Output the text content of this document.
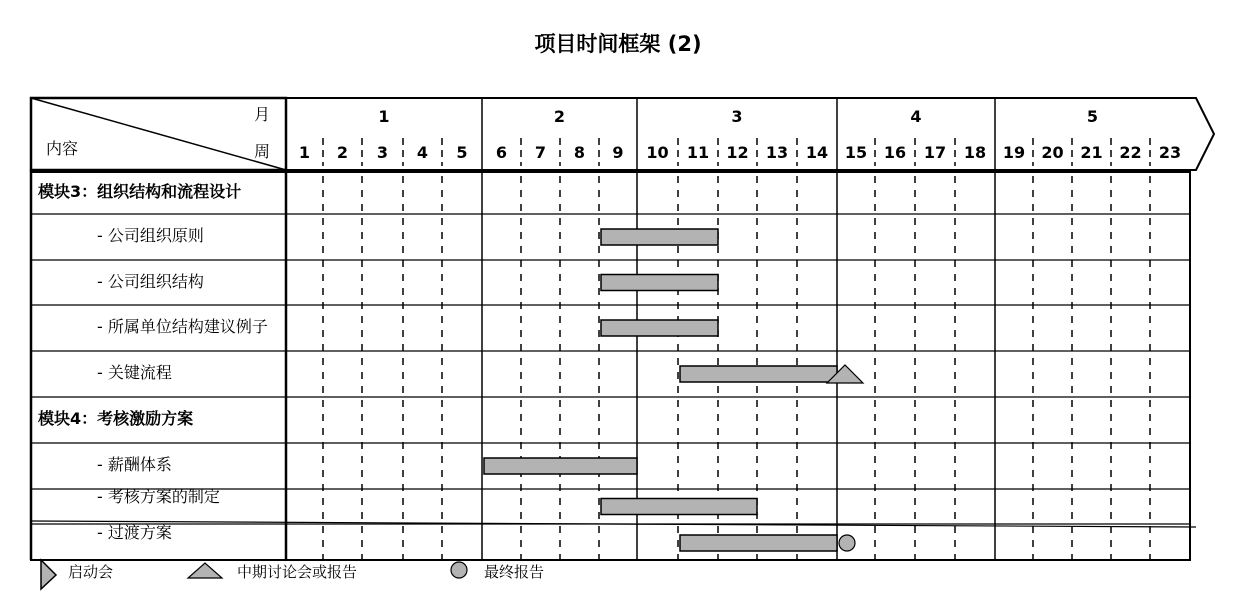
项目时间框架 (2)
1	2	3	4	5
1 2 3 4 5 6 7 8 9 10 11 12 13 14 15 16 17 18 19 20 21 22 23
月
周
内容
模块3：组织结构和流程设计
- 公司组织原则
- 公司组织结构
- 所属单位结构建议例子
- 关键流程
模块4：考核激励方案
- 薪酬体系
- 考核方案的制定
- 过渡方案
启动会	中期讨论会或报告	最终报告
